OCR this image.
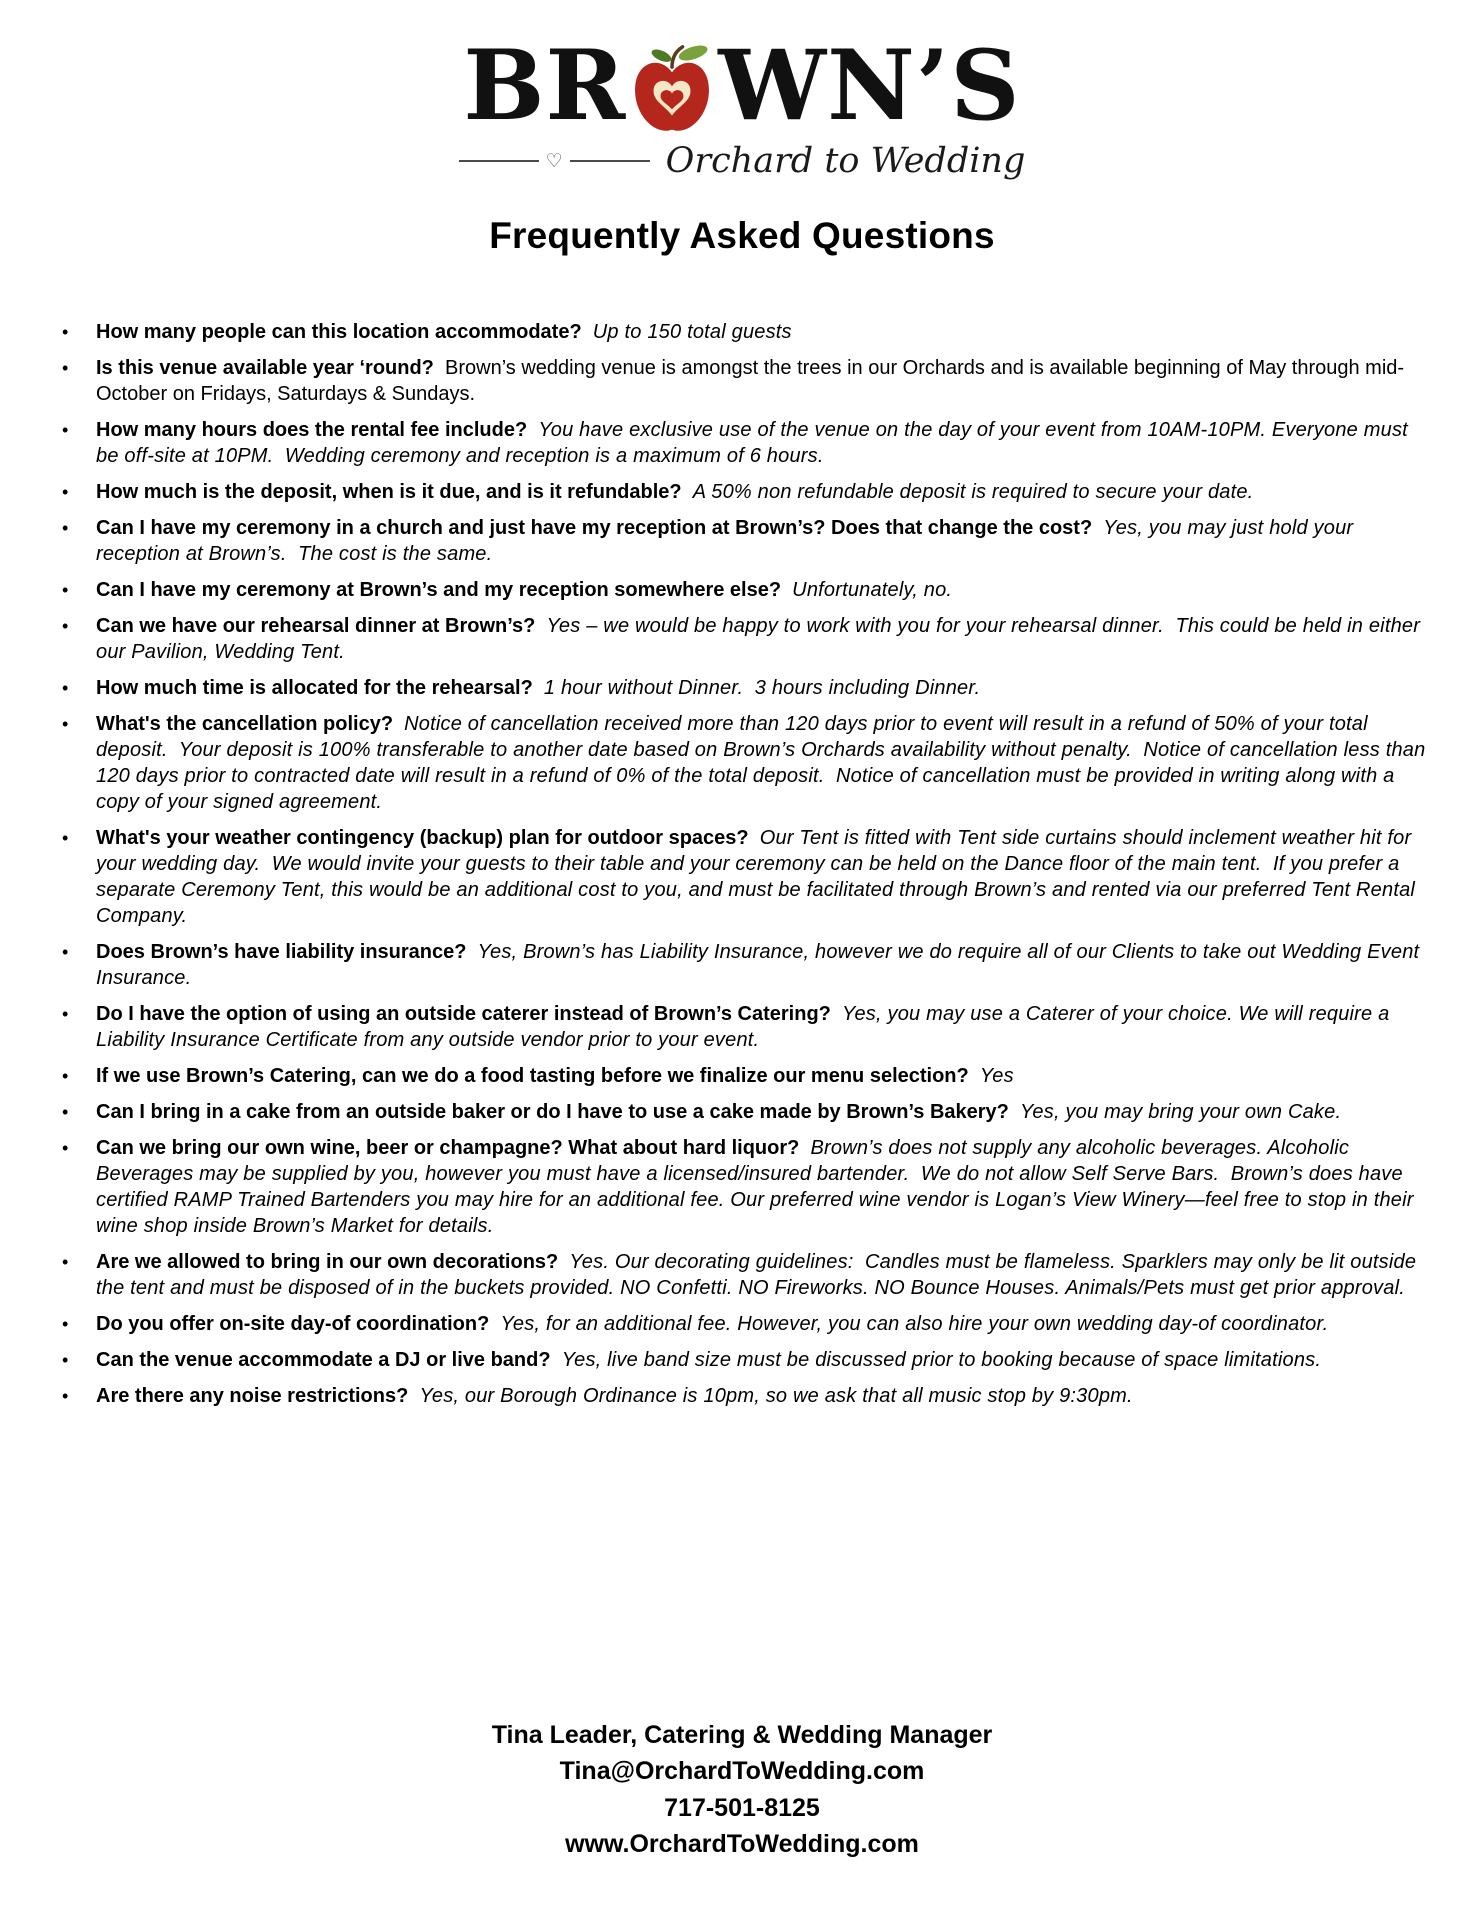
BR WN’S
♡	Orchard to Wedding
Frequently Asked Questions
•	How many people can this location accommodate?  Up to 150 total guests
•	Is this venue available year ‘round?  Brown’s wedding venue is amongst the trees in our Orchards and is available beginning of May through mid-October on Fridays, Saturdays & Sundays.
•	How many hours does the rental fee include?  You have exclusive use of the venue on the day of your event from 10AM-10PM. Everyone must be off-site at 10PM.  Wedding ceremony and reception is a maximum of 6 hours.
•	How much is the deposit, when is it due, and is it refundable?  A 50% non refundable deposit is required to secure your date.
•	Can I have my ceremony in a church and just have my reception at Brown’s? Does that change the cost?  Yes, you may just hold your reception at Brown’s.  The cost is the same.
•	Can I have my ceremony at Brown’s and my reception somewhere else?  Unfortunately, no.
•	Can we have our rehearsal dinner at Brown’s?  Yes – we would be happy to work with you for your rehearsal dinner.  This could be held in either our Pavilion, Wedding Tent.
•	How much time is allocated for the rehearsal?  1 hour without Dinner.  3 hours including Dinner.
•	What's the cancellation policy?  Notice of cancellation received more than 120 days prior to event will result in a refund of 50% of your total deposit.  Your deposit is 100% transferable to another date based on Brown’s Orchards availability without penalty.  Notice of cancellation less than 120 days prior to contracted date will result in a refund of 0% of the total deposit.  Notice of cancellation must be provided in writing along with a copy of your signed agreement.
•	What's your weather contingency (backup) plan for outdoor spaces?  Our Tent is fitted with Tent side curtains should inclement weather hit for your wedding day.  We would invite your guests to their table and your ceremony can be held on the Dance floor of the main tent.  If you prefer a separate Ceremony Tent, this would be an additional cost to you, and must be facilitated through Brown’s and rented via our preferred Tent Rental Company.
•	Does Brown’s have liability insurance?  Yes, Brown’s has Liability Insurance, however we do require all of our Clients to take out Wedding Event Insurance.
•	Do I have the option of using an outside caterer instead of Brown’s Catering?  Yes, you may use a Caterer of your choice. We will require a Liability Insurance Certificate from any outside vendor prior to your event.
•	If we use Brown’s Catering, can we do a food tasting before we finalize our menu selection?  Yes
•	Can I bring in a cake from an outside baker or do I have to use a cake made by Brown’s Bakery?  Yes, you may bring your own Cake.
•	Can we bring our own wine, beer or champagne? What about hard liquor?  Brown’s does not supply any alcoholic beverages. Alcoholic Beverages may be supplied by you, however you must have a licensed/insured bartender.  We do not allow Self Serve Bars.  Brown’s does have certified RAMP Trained Bartenders you may hire for an additional fee. Our preferred wine vendor is Logan’s View Winery—feel free to stop in their wine shop inside Brown’s Market for details.
•	Are we allowed to bring in our own decorations?  Yes. Our decorating guidelines:  Candles must be flameless. Sparklers may only be lit outside the tent and must be disposed of in the buckets provided. NO Confetti. NO Fireworks. NO Bounce Houses. Animals/Pets must get prior approval.
•	Do you offer on-site day-of coordination?  Yes, for an additional fee. However, you can also hire your own wedding day-of coordinator.
•	Can the venue accommodate a DJ or live band?  Yes, live band size must be discussed prior to booking because of space limitations.
•	Are there any noise restrictions?  Yes, our Borough Ordinance is 10pm, so we ask that all music stop by 9:30pm.
Tina Leader, Catering & Wedding Manager
Tina@OrchardToWedding.com
717-501-8125
www.OrchardToWedding.com
